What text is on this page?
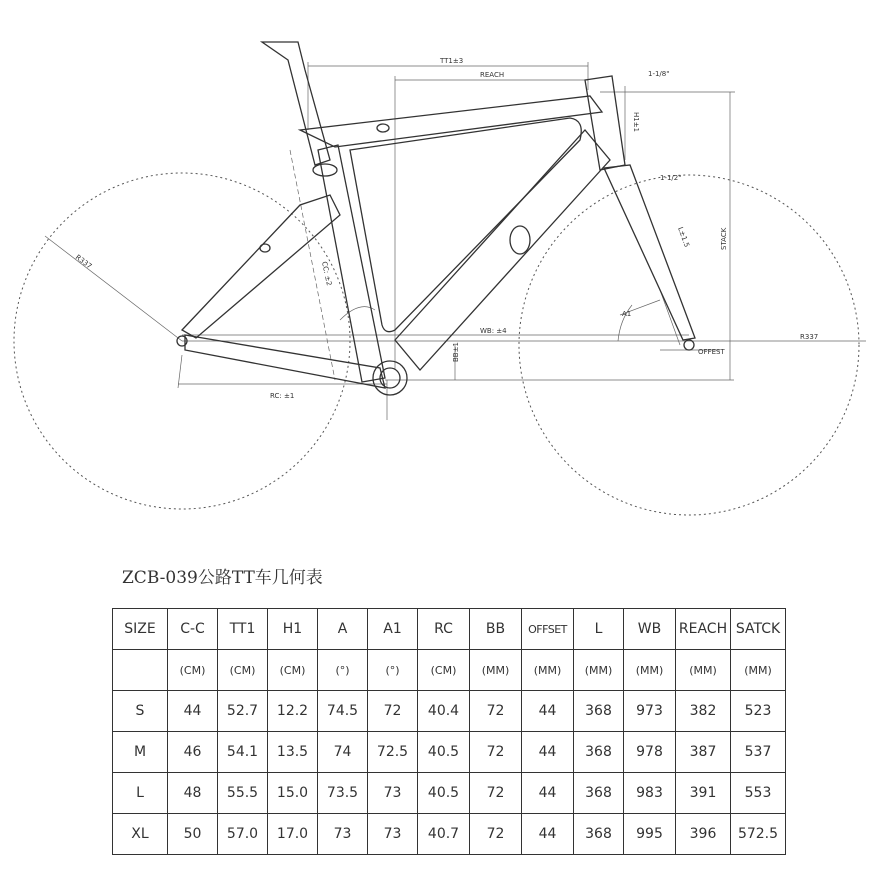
TT1±3
REACH	1-1/8"
H1±1
1-1/2"
STACK
L±1.5
WB: ±4
R337
R337
OFFEST
A1
CC: ±2
BB±1
RC: ±1
ZCB-039公路TT车几何表
SIZE	C-C	TT1	H1	A	A1	RC	BB	OFFSET	L	WB	REACH	SATCK
	(CM)	(CM)	(CM)	(°)	(°)	(CM)	(MM)	(MM)	(MM)	(MM)	(MM)	(MM)
S	44	52.7	12.2	74.5	72	40.4	72	44	368	973	382	523
M	46	54.1	13.5	74	72.5	40.5	72	44	368	978	387	537
L	48	55.5	15.0	73.5	73	40.5	72	44	368	983	391	553
XL	50	57.0	17.0	73	73	40.7	72	44	368	995	396	572.5
